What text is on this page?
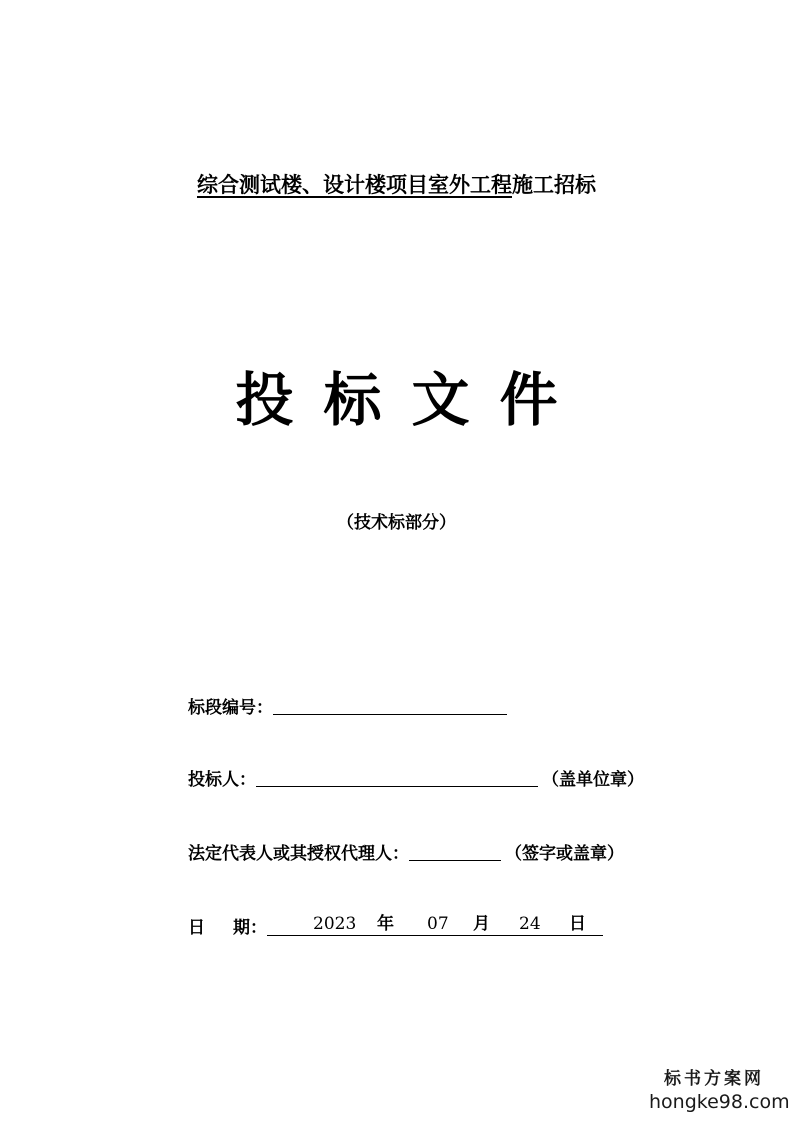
综合测试楼、设计楼项目室外工程施工招标
投标文件
（技术标部分）
标段编号：
投标人：	（盖单位章）
法定代表人或其授权代理人：	（签字或盖章）
日 期：	2023 年 07 月 24 日
标书方案网
hongke98.com
